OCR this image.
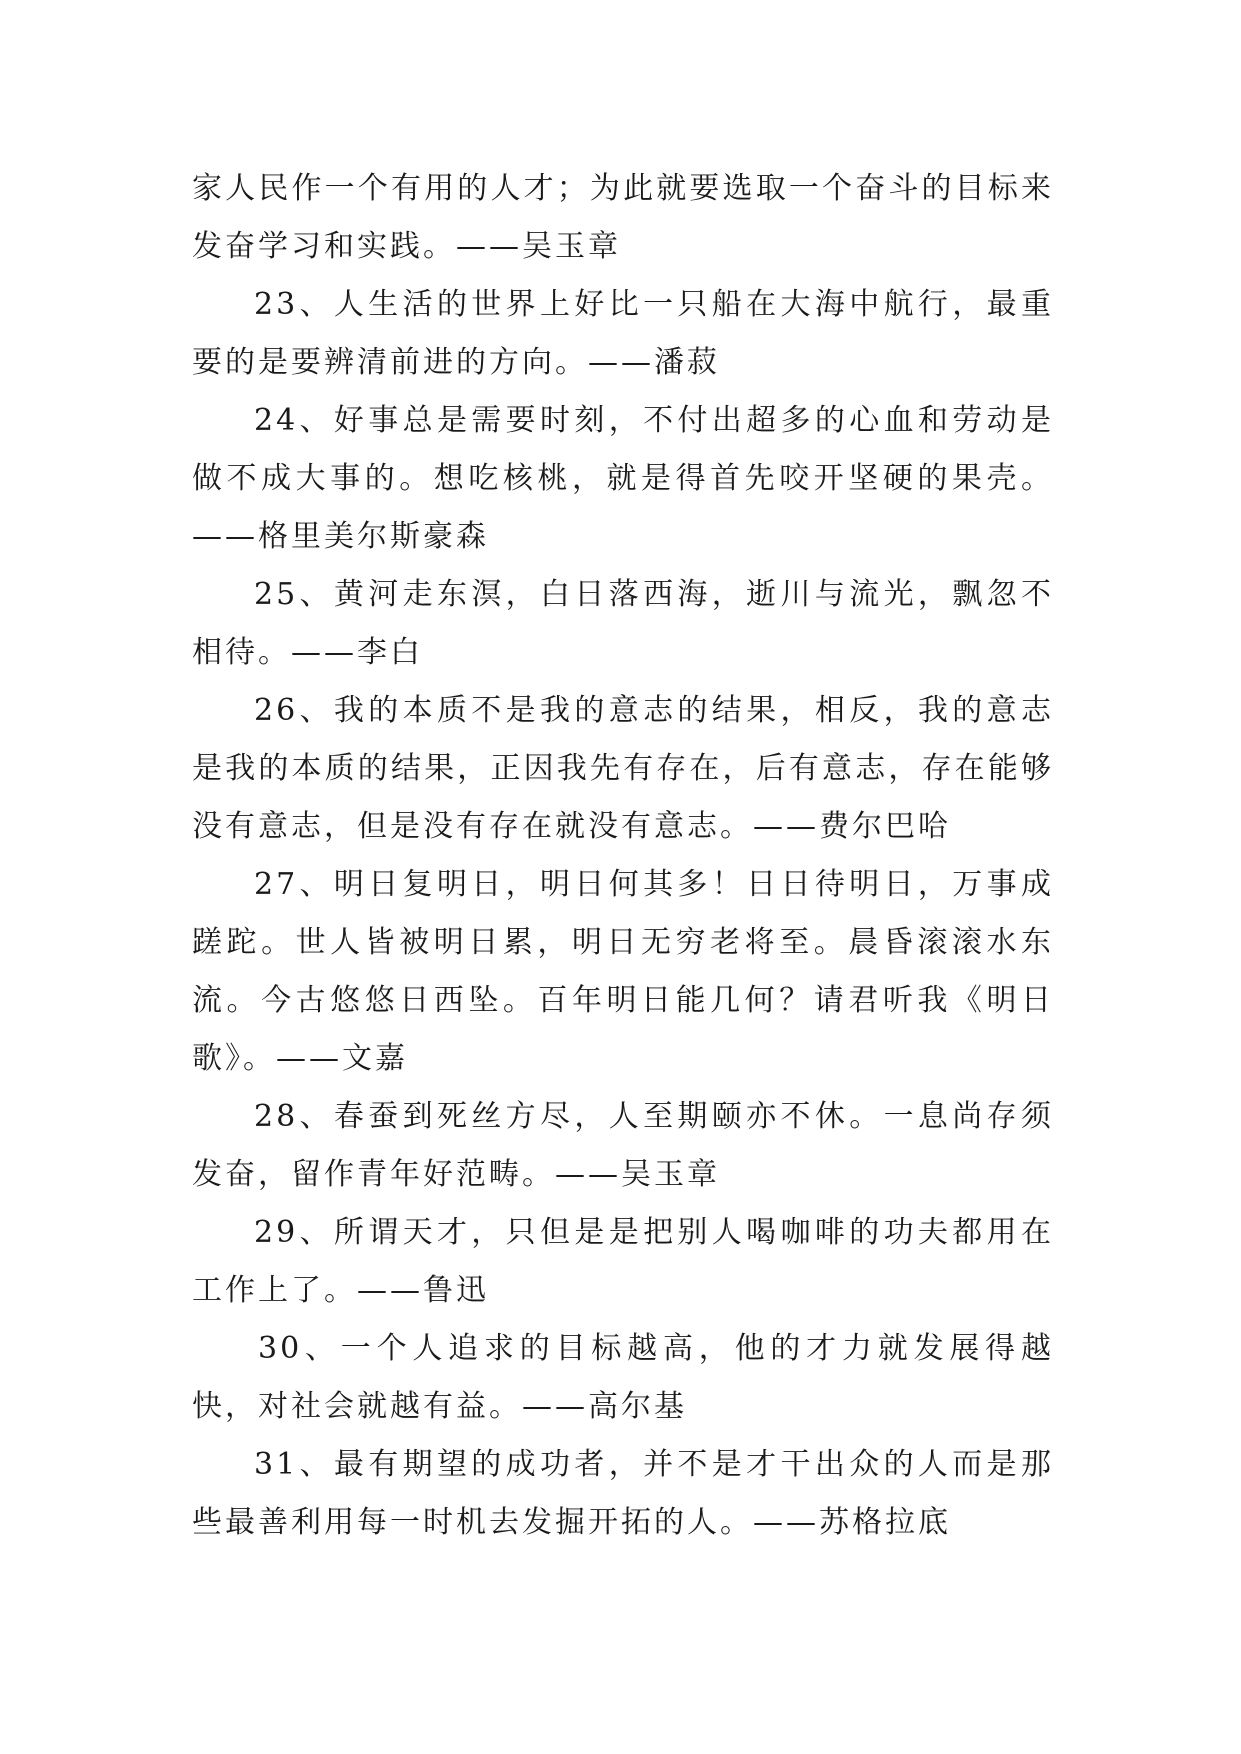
家人民作一个有用的人才；为此就要选取一个奋斗的目标来发奋学习和实践。——吴玉章

23、人生活的世界上好比一只船在大海中航行，最重要的是要辨清前进的方向。——潘菽

24、好事总是需要时刻，不付出超多的心血和劳动是做不成大事的。想吃核桃，就是得首先咬开坚硬的果壳。——格里美尔斯豪森

25、黄河走东溟，白日落西海，逝川与流光，飘忽不相待。——李白

26、我的本质不是我的意志的结果，相反，我的意志是我的本质的结果，正因我先有存在，后有意志，存在能够没有意志，但是没有存在就没有意志。——费尔巴哈

27、明日复明日，明日何其多！日日待明日，万事成蹉跎。世人皆被明日累，明日无穷老将至。晨昏滚滚水东流。今古悠悠日西坠。百年明日能几何？请君听我《明日歌》。——文嘉

28、春蚕到死丝方尽，人至期颐亦不休。一息尚存须发奋，留作青年好范畴。——吴玉章

29、所谓天才，只但是是把别人喝咖啡的功夫都用在工作上了。——鲁迅

30、一个人追求的目标越高，他的才力就发展得越快，对社会就越有益。——高尔基

31、最有期望的成功者，并不是才干出众的人而是那些最善利用每一时机去发掘开拓的人。——苏格拉底
